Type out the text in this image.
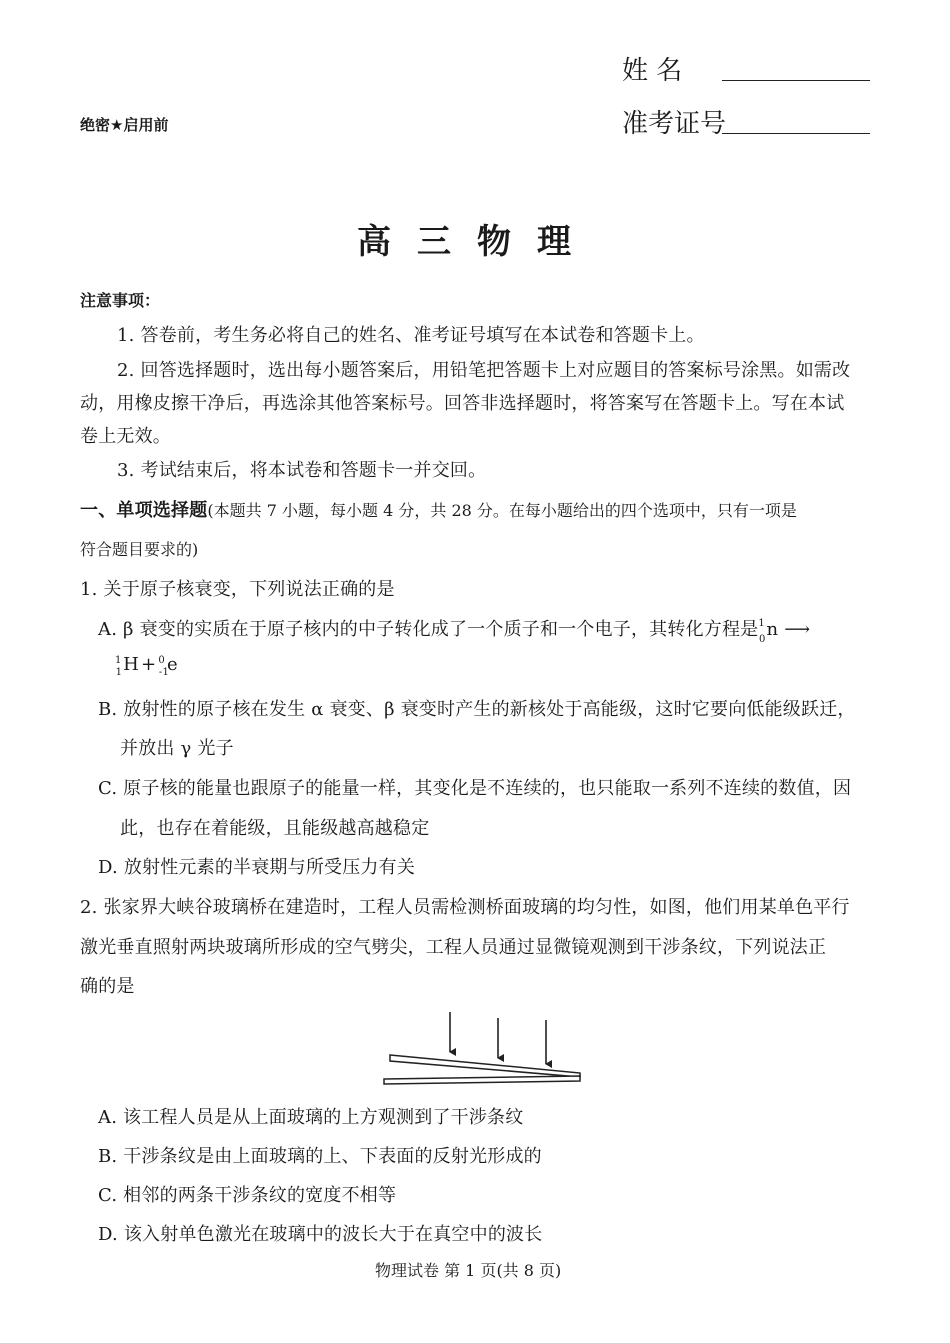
姓 名
准考证号
绝密★启用前
高三物理
注意事项：
1. 答卷前，考生务必将自己的姓名、准考证号填写在本试卷和答题卡上。
2. 回答选择题时，选出每小题答案后，用铅笔把答题卡上对应题目的答案标号涂黑。如需改
动，用橡皮擦干净后，再选涂其他答案标号。回答非选择题时，将答案写在答题卡上。写在本试
卷上无效。
3. 考试结束后，将本试卷和答题卡一并交回。
一、单项选择题(本题共 7 小题，每小题 4 分，共 28 分。在每小题给出的四个选项中，只有一项是
符合题目要求的)
1. 关于原子核衰变，下列说法正确的是
A. β 衰变的实质在于原子核内的中子转化成了一个质子和一个电子，其转化方程是$^1_0$n ⟶
$^1_1$H + $^0_{-1}$e
B. 放射性的原子核在发生 α 衰变、β 衰变时产生的新核处于高能级，这时它要向低能级跃迁，
并放出 γ 光子
C. 原子核的能量也跟原子的能量一样，其变化是不连续的，也只能取一系列不连续的数值，因
此，也存在着能级，且能级越高越稳定
D. 放射性元素的半衰期与所受压力有关
2. 张家界大峡谷玻璃桥在建造时，工程人员需检测桥面玻璃的均匀性，如图，他们用某单色平行
激光垂直照射两块玻璃所形成的空气劈尖，工程人员通过显微镜观测到干涉条纹，下列说法正
确的是
A. 该工程人员是从上面玻璃的上方观测到了干涉条纹
B. 干涉条纹是由上面玻璃的上、下表面的反射光形成的
C. 相邻的两条干涉条纹的宽度不相等
D. 该入射单色激光在玻璃中的波长大于在真空中的波长
物理试卷 第 1 页(共 8 页)
